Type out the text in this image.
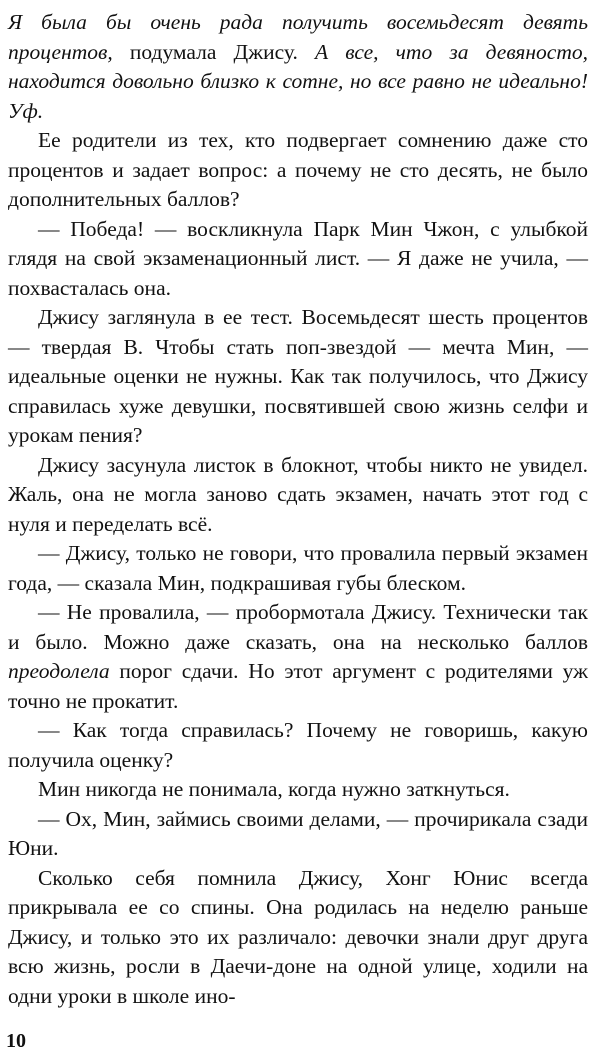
Я была бы очень рада получить восемьдесят девять процентов, подумала Джису. А все, что за девяносто, находится довольно близко к сотне, но все равно не идеально! Уф.

Ее родители из тех, кто подвергает сомнению даже сто процентов и задает вопрос: а почему не сто десять, не было дополнительных баллов?

— Победа! — воскликнула Парк Мин Чжон, с улыбкой глядя на свой экзаменационный лист. — Я даже не учила, — похвасталась она.

Джису заглянула в ее тест. Восемьдесят шесть процентов — твердая B. Чтобы стать поп-звездой — мечта Мин, — идеальные оценки не нужны. Как так получилось, что Джису справилась хуже девушки, посвятившей свою жизнь селфи и урокам пения?

Джису засунула листок в блокнот, чтобы никто не увидел. Жаль, она не могла заново сдать экзамен, начать этот год с нуля и переделать всё.

— Джису, только не говори, что провалила первый экзамен года, — сказала Мин, подкрашивая губы блеском.

— Не провалила, — пробормотала Джису. Технически так и было. Можно даже сказать, она на несколько баллов преодолела порог сдачи. Но этот аргумент с родителями уж точно не прокатит.

— Как тогда справилась? Почему не говоришь, какую получила оценку?

Мин никогда не понимала, когда нужно заткнуться.

— Ох, Мин, займись своими делами, — прочирикала сзади Юни.

Сколько себя помнила Джису, Хонг Юнис всегда прикрывала ее со спины. Она родилась на неделю раньше Джису, и только это их различало: девочки знали друг друга всю жизнь, росли в Даечи-доне на одной улице, ходили на одни уроки в школе ино-

10
